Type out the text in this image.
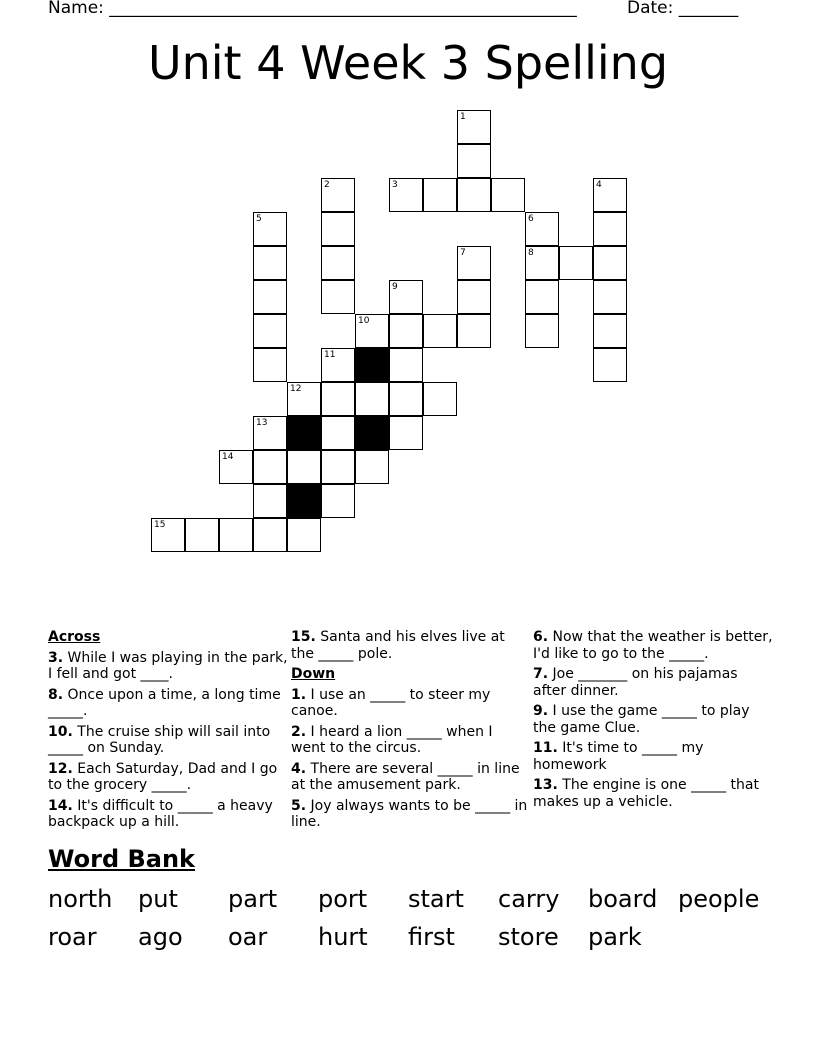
Name: _______________________________________________________	Date: _______
Unit 4 Week 3 Spelling
1
2	3	4
5	6
7	8
9
10
11
12
13
14
15
Across
3. While I was playing in the park, I fell and got ____.
8. Once upon a time, a long time _____.
10. The cruise ship will sail into _____ on Sunday.
12. Each Saturday, Dad and I go to the grocery _____.
14. It's difficult to _____ a heavy backpack up a hill.
15. Santa and his elves live at the _____ pole.
Down
1. I use an _____ to steer my canoe.
2. I heard a lion _____ when I went to the circus.
4. There are several _____ in line at the amusement park.
5. Joy always wants to be _____ in line.
6. Now that the weather is better, I'd like to go to the _____.
7. Joe _______ on his pajamas after dinner.
9. I use the game _____ to play the game Clue.
11. It's time to _____ my homework
13. The engine is one _____ that makes up a vehicle.
Word Bank
north put part port start carry board people
roar ago oar hurt first store park
